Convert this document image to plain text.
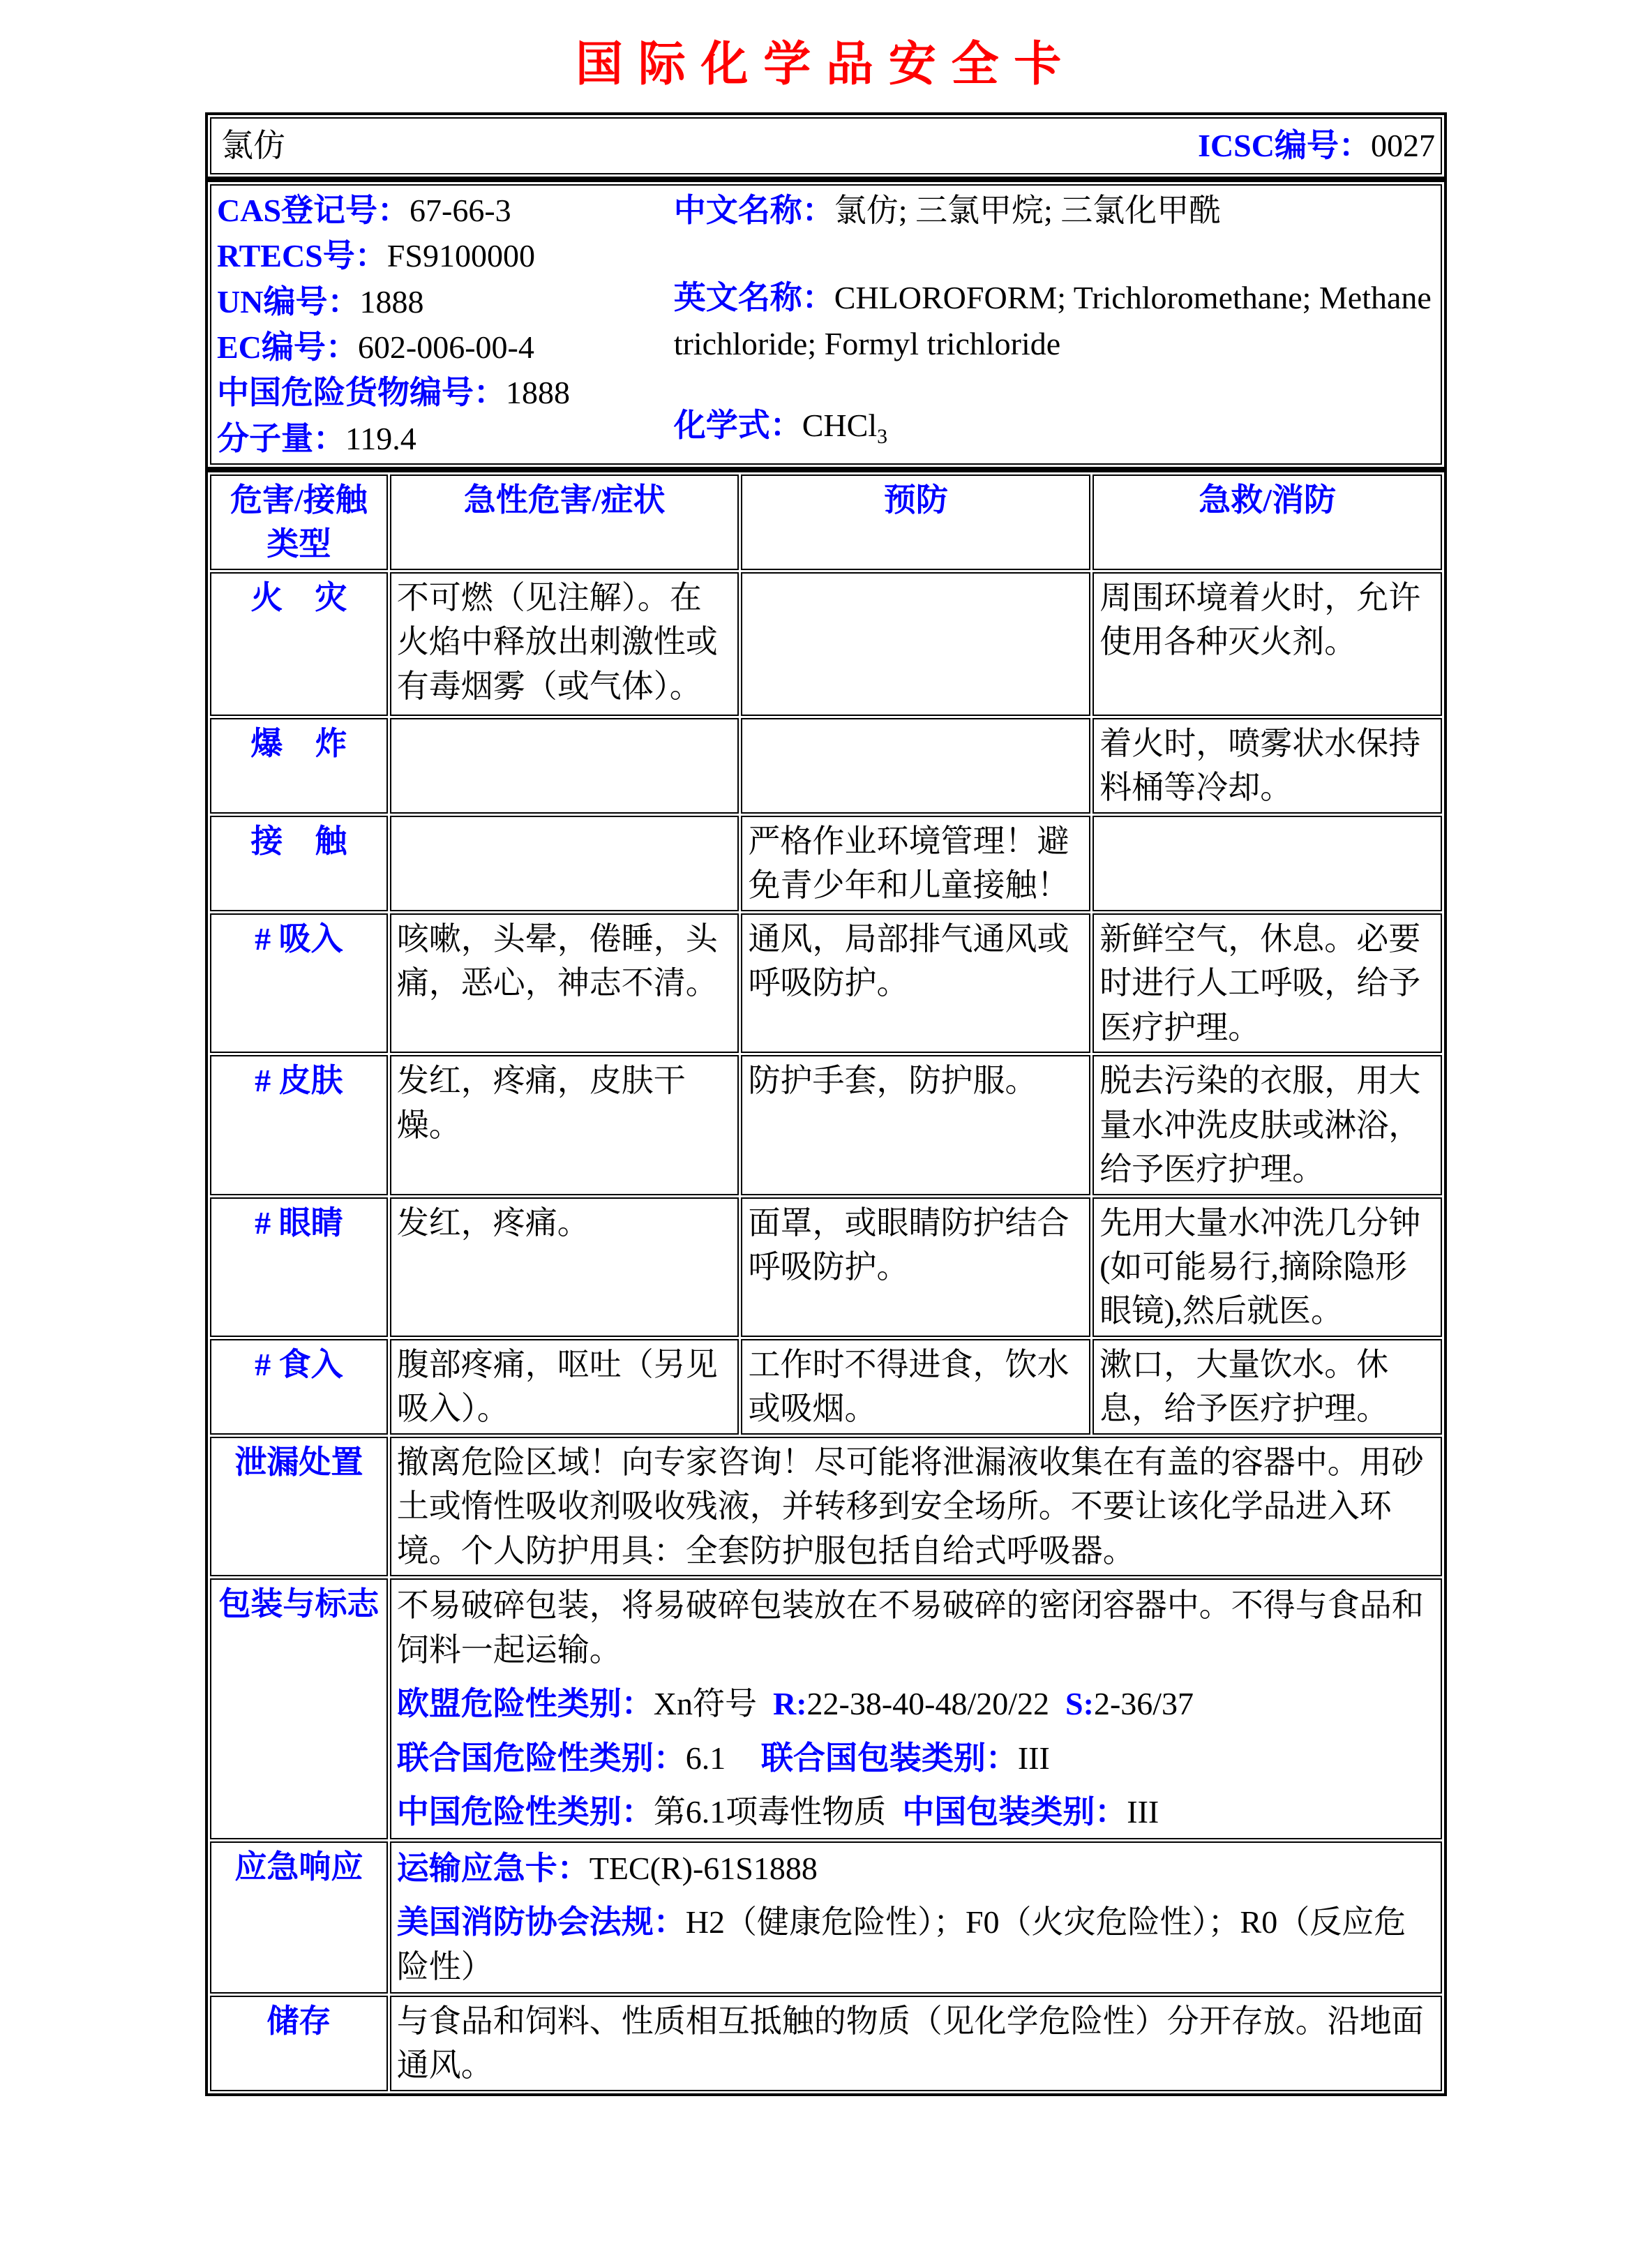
国际化学品安全卡
氯仿	ICSC编号：0027

CAS登记号：67-66-3

RTECS号：FS9100000

UN编号：1888

EC编号：602-006-00-4

中国危险货物编号：1888

分子量：119.4

中文名称：氯仿; 三氯甲烷; 三氯化甲酰

英文名称：CHLOROFORM; Trichloromethane; Methane trichloride; Formyl trichloride

化学式：CHCl$_3$

危害/接触类型	急性危害/症状	预防	急救/消防
火　灾	不可燃（见注解）。在火焰中释放出刺激性或有毒烟雾（或气体）。		周围环境着火时，允许使用各种灭火剂。
爆　炸			着火时，喷雾状水保持料桶等冷却。
接　触		严格作业环境管理！避免青少年和儿童接触！	
# 吸入	咳嗽，头晕，倦睡，头痛，恶心，神志不清。	通风，局部排气通风或呼吸防护。	新鲜空气，休息。必要时进行人工呼吸，给予医疗护理。
# 皮肤	发红，疼痛，皮肤干燥。	防护手套，防护服。	脱去污染的衣服，用大量水冲洗皮肤或淋浴，给予医疗护理。
# 眼睛	发红，疼痛。	面罩，或眼睛防护结合呼吸防护。	先用大量水冲洗几分钟(如可能易行,摘除隐形眼镜),然后就医。
# 食入	腹部疼痛，呕吐（另见吸入）。	工作时不得进食，饮水或吸烟。	漱口，大量饮水。休息，给予医疗护理。
泄漏处置	撤离危险区域！向专家咨询！尽可能将泄漏液收集在有盖的容器中。用砂土或惰性吸收剂吸收残液，并转移到安全场所。不要让该化学品进入环境。个人防护用具：全套防护服包括自给式呼吸器。		
包装与标志	不易破碎包装，将易破碎包装放在不易破碎的密闭容器中。不得与食品和饲料一起运输。

欧盟危险性类别：Xn符号 R:22-38-40-48/20/22 S:2-36/37

联合国危险性类别：6.1 联合国包装类别：III

中国危险性类别：第6.1项毒性物质 中国包装类别：III		

应急响应	运输应急卡：TEC(R)-61S1888

美国消防协会法规：H2（健康危险性）；F0（火灾危险性）；R0（反应危险性）		

储存	与食品和饲料、性质相互抵触的物质（见化学危险性）分开存放。沿地面通风。		
